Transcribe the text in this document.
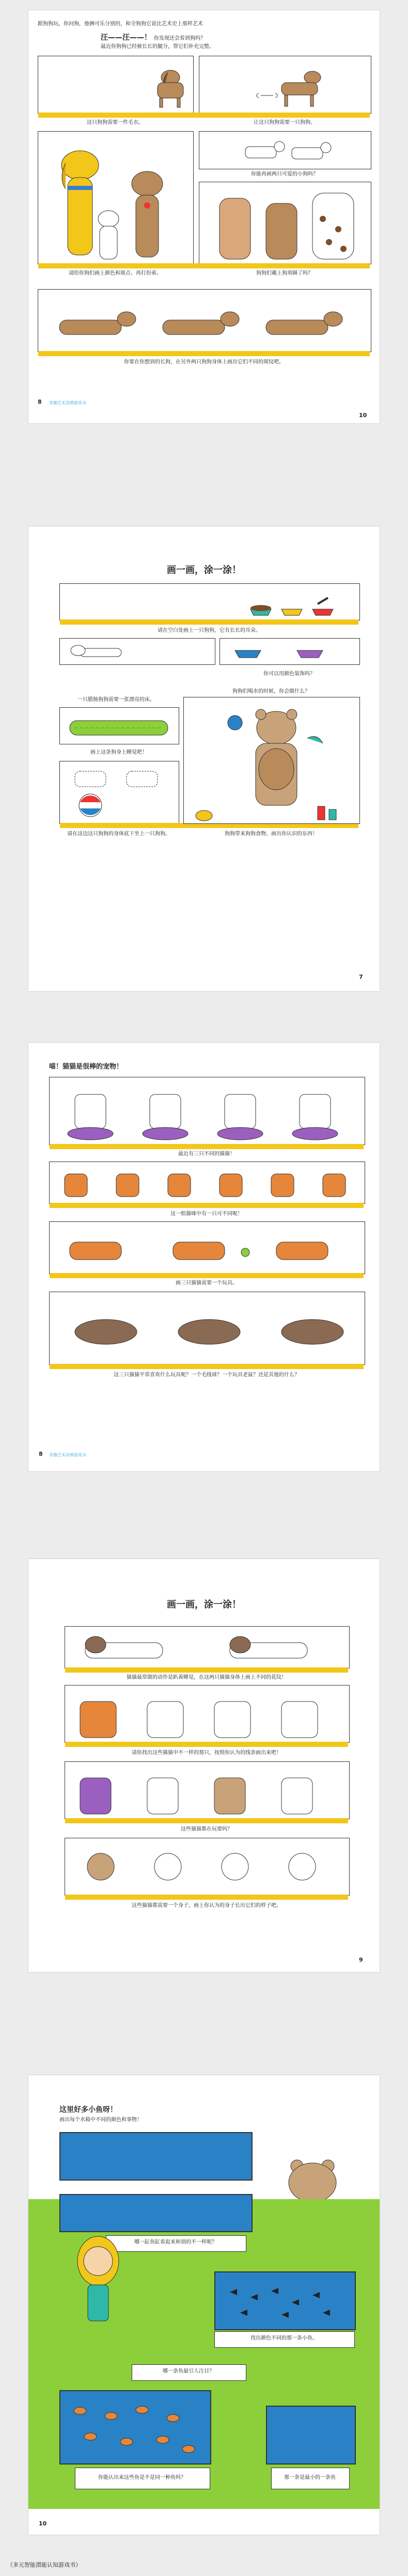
跟狗狗玩，你问狗，他俩可乐分别的，和全狗狗它说比艺术史上那样艺术
汪——汪——！ 你发现还会看到狗吗？
最近你狗狗已经被长长的腿分，帮它们补充完整。
这只狗狗需要一件毛衣。	让这只狗狗需要一只狗狗。
你能再画两只可爱的小狗吗？
请给你狗们画上颜色和斑点、再打扮着。	狗狗们戴上狗项圈了吗？
你要在你想到的长狗，在另外两只狗狗身体上画出它们不同的斑纹吧。
8 奇趣艺术涂鸦游戏书
10
画一画，涂一涂！
请在空白处画上一只狗狗，它有长长的耳朵。
你可以用颜色装饰吗？
一只腊肠狗狗需要一张漂亮的床。
画上这条狗身上睡觉吧！
请在这边这只狗狗的身体底下坐上一只狗狗。
狗狗们喝水的时候，你会做什么？
狗狗带来狗狗食物、画出你认识的东西！
7
喵！猫猫是很棒的宠物！
最近有三只不同的猫猫！
这一组猫咪中有一只可不同呢！
画三只猫猫需要一个玩具。
这三只猫猫平常喜欢什么玩具呢？一个毛线球？一个玩具老鼠？还是其他的什么？
8 奇趣艺术涂鸦游戏书
画一画，涂一涂！
猫猫最常做的动作是趴着睡觉，在这两只猫猫身体上画上不同的花纹！
请你找出这些猫猫中不一样的那只，按照你认为的线条画出来吧！
这些猫猫都在玩要吗？
这些猫猫都需要一个身子，画上你认为的身子长出它们的样子吧。
9
这里好多小鱼呀！
画出每个水箱中不同的颜色和事物！
哪一缸鱼缸看起来和别的不一样呢？
找出颜色不同的那一条小鱼。
哪一条鱼最引人注目？
你能认出来这些鱼是不是同一种鱼吗？	那一条是最小的一条鱼
10
《多元智能潜能认知游戏书》
